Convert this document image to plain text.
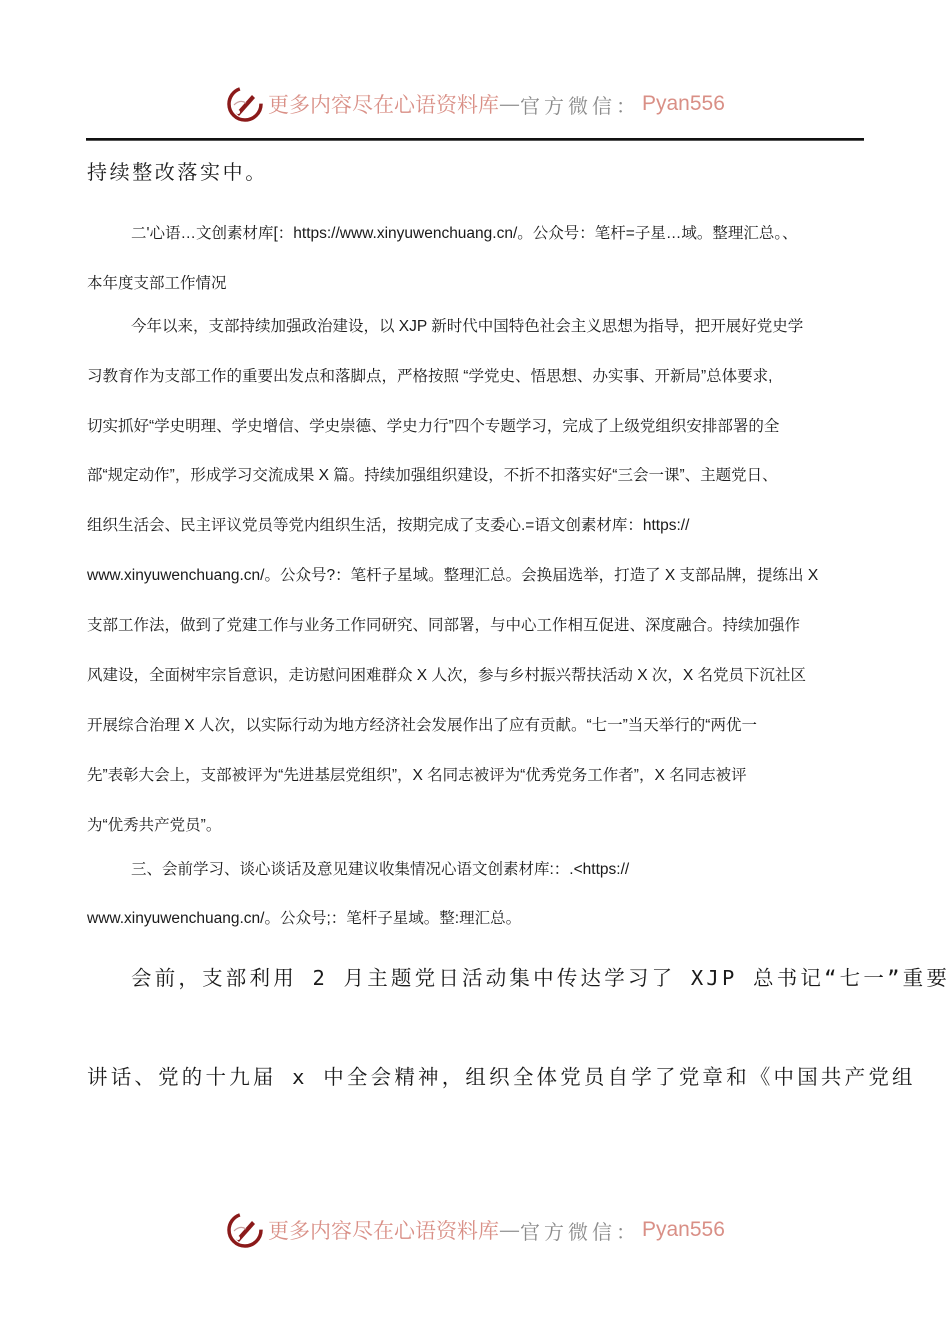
更多内容尽在心语资料库 — 官方微信： Pyan556
持续整改落实中。
二'心语…文创素材库[：https://www.xinyuwenchuang.cn/。公众号：笔杆=子星…域。整理汇总。、
本年度支部工作情况
今年以来，支部持续加强政治建设，以 XJP 新时代中国特色社会主义思想为指导，把开展好党史学
习教育作为支部工作的重要出发点和落脚点，严格按照 “学党史、悟思想、办实事、开新局”总体要求,
切实抓好“学史明理、学史增信、学史崇德、学史力行”四个专题学习，完成了上级党组织安排部署的全
部“规定动作”，形成学习交流成果 X 篇。持续加强组织建设，不折不扣落实好“三会一课”、主题党日、
组织生活会、民主评议党员等党内组织生活，按期完成了支委心.=语文创素材库：https://
www.xinyuwenchuang.cn/。公众号?：笔杆子星域。整理汇总。会换届选举，打造了 X 支部品牌，提练出 X
支部工作法，做到了党建工作与业务工作同研究、同部署，与中心工作相互促进、深度融合。持续加强作
风建设，全面树牢宗旨意识，走访慰问困难群众 X 人次，参与乡村振兴帮扶活动 X 次，X 名党员下沉社区
开展综合治理 X 人次，以实际行动为地方经济社会发展作出了应有贡献。“七一”当天举行的“两优一
先”表彰大会上，支部被评为“先进基层党组织”，X 名同志被评为“优秀党务工作者”，X 名同志被评
为“优秀共产党员”。
三、会前学习、谈心谈话及意见建议收集情况心语文创素材库:：.<https://
www.xinyuwenchuang.cn/。公众号;：笔杆子星域。整:理汇总。
会前，支部利用 2 月主题党日活动集中传达学习了 XJP 总书记“七一”重要
讲话、党的十九届 x 中全会精神，组织全体党员自学了党章和《中国共产党组
更多内容尽在心语资料库 — 官方微信： Pyan556
